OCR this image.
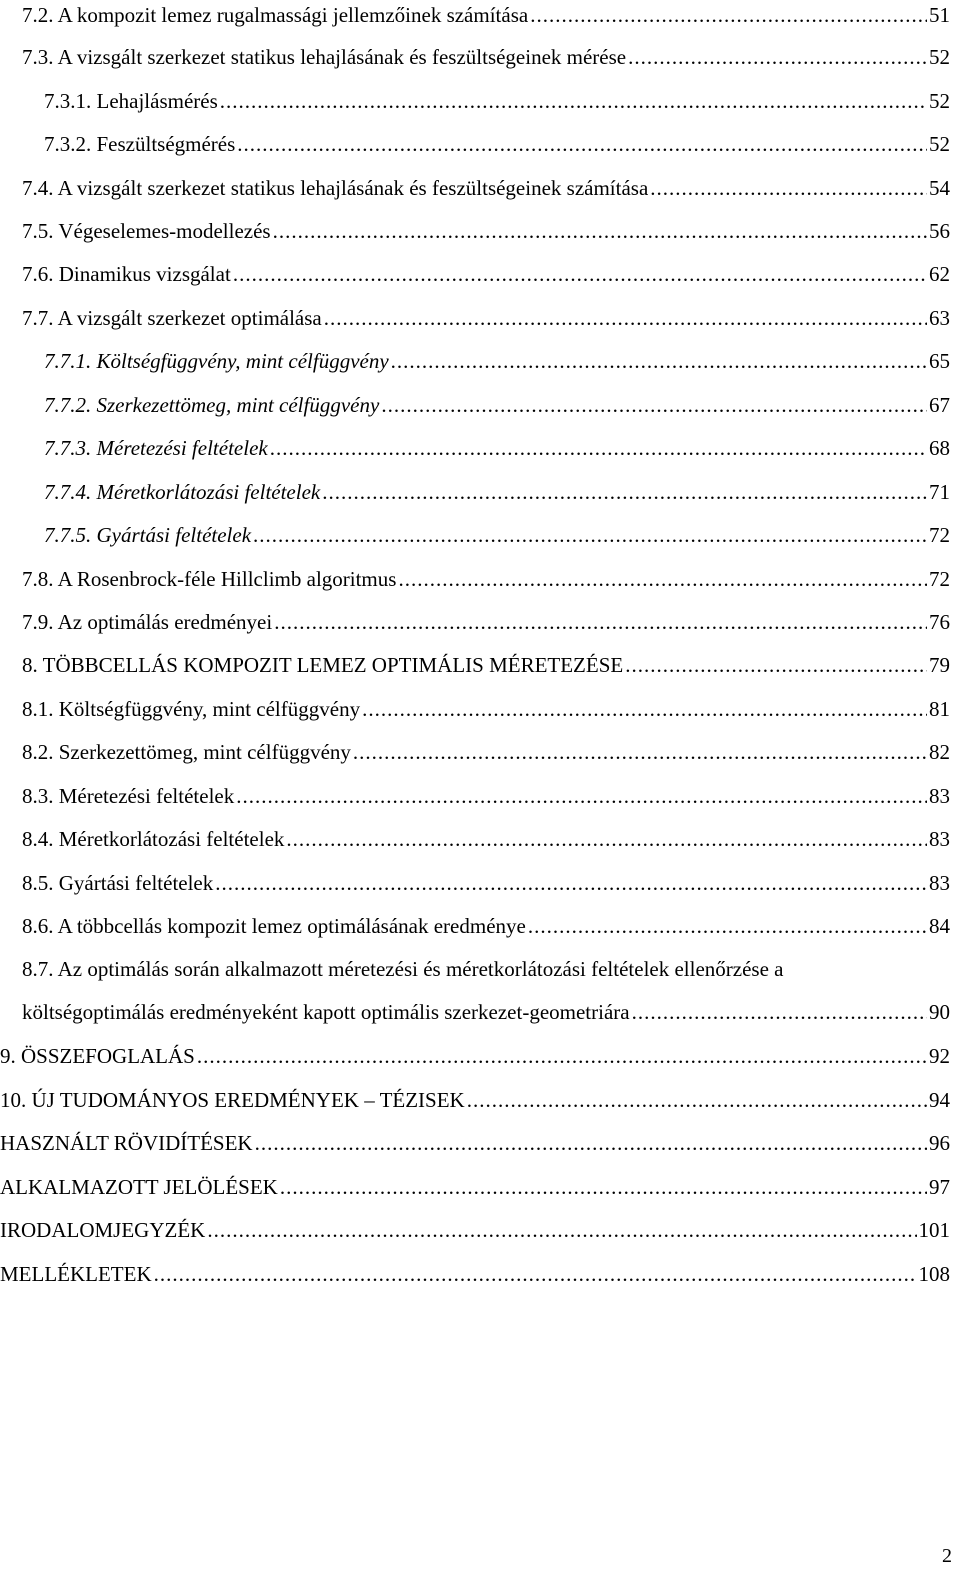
7.2. A kompozit lemez rugalmassági jellemzőinek számítása .....	51
7.3. A vizsgált szerkezet statikus lehajlásának és feszültségeinek mérése .....	52
7.3.1. Lehajlásmérés .....	52
7.3.2. Feszültségmérés .....	52
7.4. A vizsgált szerkezet statikus lehajlásának és feszültségeinek számítása .....	54
7.5. Végeselemes-modellezés .....	56
7.6. Dinamikus vizsgálat .....	62
7.7. A vizsgált szerkezet optimálása .....	63
7.7.1. Költségfüggvény, mint célfüggvény .....	65
7.7.2. Szerkezettömeg, mint célfüggvény .....	67
7.7.3. Méretezési feltételek .....	68
7.7.4. Méretkorlátozási feltételek .....	71
7.7.5. Gyártási feltételek .....	72
7.8. A Rosenbrock-féle Hillclimb algoritmus .....	72
7.9. Az optimálás eredményei .....	76
8. TÖBBCELLÁS KOMPOZIT LEMEZ OPTIMÁLIS MÉRETEZÉSE .....	79
8.1. Költségfüggvény, mint célfüggvény .....	81
8.2. Szerkezettömeg, mint célfüggvény .....	82
8.3. Méretezési feltételek .....	83
8.4. Méretkorlátozási feltételek .....	83
8.5. Gyártási feltételek .....	83
8.6. A többcellás kompozit lemez optimálásának eredménye .....	84
8.7. Az optimálás során alkalmazott méretezési és méretkorlátozási feltételek ellenőrzése a
költségoptimálás eredményeként kapott optimális szerkezet-geometriára .....	90
9. ÖSSZEFOGLALÁS .....	92
10. ÚJ TUDOMÁNYOS EREDMÉNYEK – TÉZISEK .....	94
HASZNÁLT RÖVIDÍTÉSEK .....	96
ALKALMAZOTT JELÖLÉSEK .....	97
IRODALOMJEGYZÉK .....	101
MELLÉKLETEK .....	108
2
